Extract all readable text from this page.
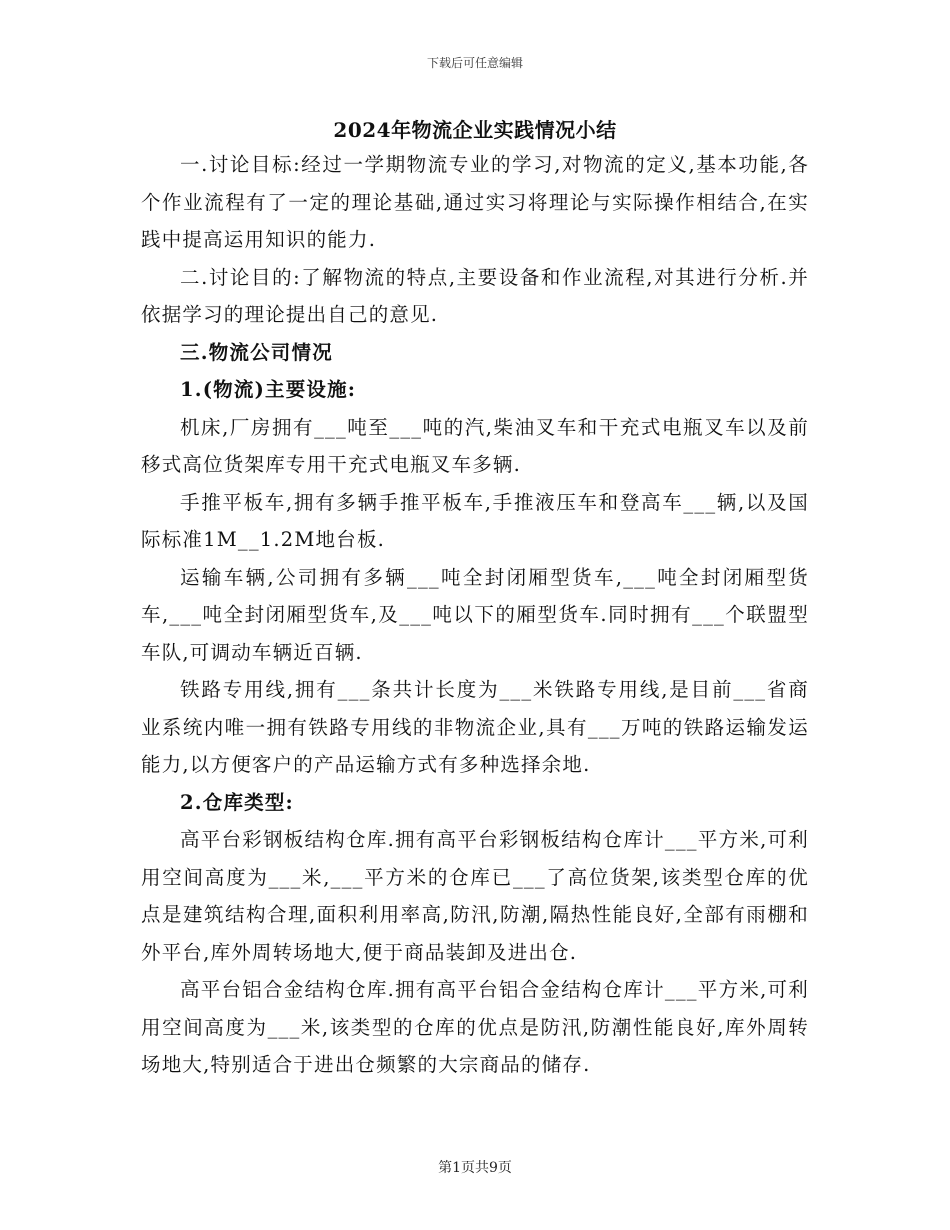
下载后可任意编辑
2024年物流企业实践情况小结

一.讨论目标:经过一学期物流专业的学习,对物流的定义,基本功能,各个作业流程有了一定的理论基础,通过实习将理论与实际操作相结合,在实践中提高运用知识的能力.

二.讨论目的:了解物流的特点,主要设备和作业流程,对其进行分析.并依据学习的理论提出自己的意见.

三.物流公司情况

1.(物流)主要设施:

机床,厂房拥有___吨至___吨的汽,柴油叉车和干充式电瓶叉车以及前移式高位货架库专用干充式电瓶叉车多辆.

手推平板车,拥有多辆手推平板车,手推液压车和登高车___辆,以及国际标准1M__1.2M地台板.

运输车辆,公司拥有多辆___吨全封闭厢型货车,___吨全封闭厢型货车,___吨全封闭厢型货车,及___吨以下的厢型货车.同时拥有___个联盟型车队,可调动车辆近百辆.

铁路专用线,拥有___条共计长度为___米铁路专用线,是目前___省商业系统内唯一拥有铁路专用线的非物流企业,具有___万吨的铁路运输发运能力,以方便客户的产品运输方式有多种选择余地.

2.仓库类型:

高平台彩钢板结构仓库.拥有高平台彩钢板结构仓库计___平方米,可利用空间高度为___米,___平方米的仓库已___了高位货架,该类型仓库的优点是建筑结构合理,面积利用率高,防汛,防潮,隔热性能良好,全部有雨棚和外平台,库外周转场地大,便于商品装卸及进出仓.

高平台铝合金结构仓库.拥有高平台铝合金结构仓库计___平方米,可利用空间高度为___米,该类型的仓库的优点是防汛,防潮性能良好,库外周转场地大,特别适合于进出仓频繁的大宗商品的储存.

第1页共9页
